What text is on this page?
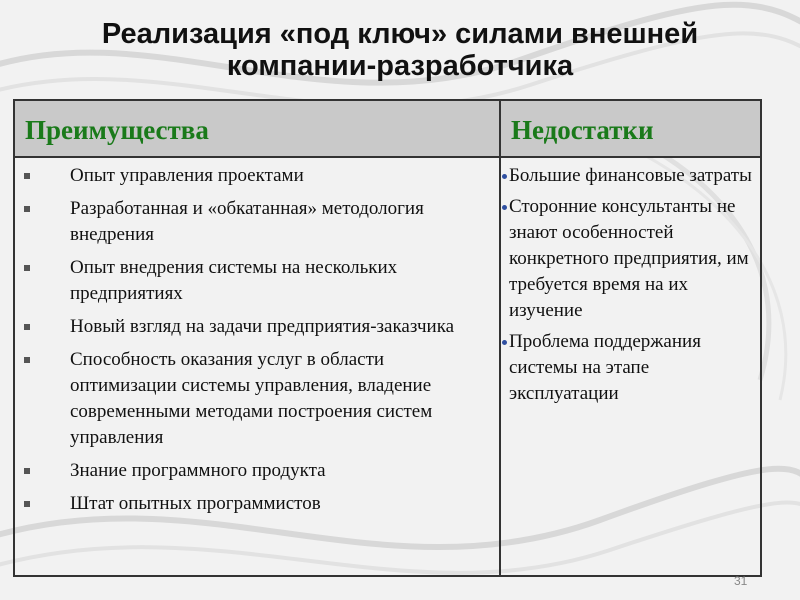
Реализация «под ключ» силами внешней
компании-разработчика
Преимущества	Недостатки
Опыт управления проектами
Разработанная и «обкатанная» методология внедрения
Опыт внедрения системы на нескольких предприятиях
Новый взгляд на задачи предприятия-заказчика
Способность оказания услуг в области оптимизации системы управления, владение современными методами построения систем управления
Знание программного продукта
Штат опытных программистов
Большие финансовые затраты
Сторонние консультанты не знают особенностей конкретного предприятия, им требуется время на их изучение
Проблема поддержания системы на этапе эксплуатации
31
